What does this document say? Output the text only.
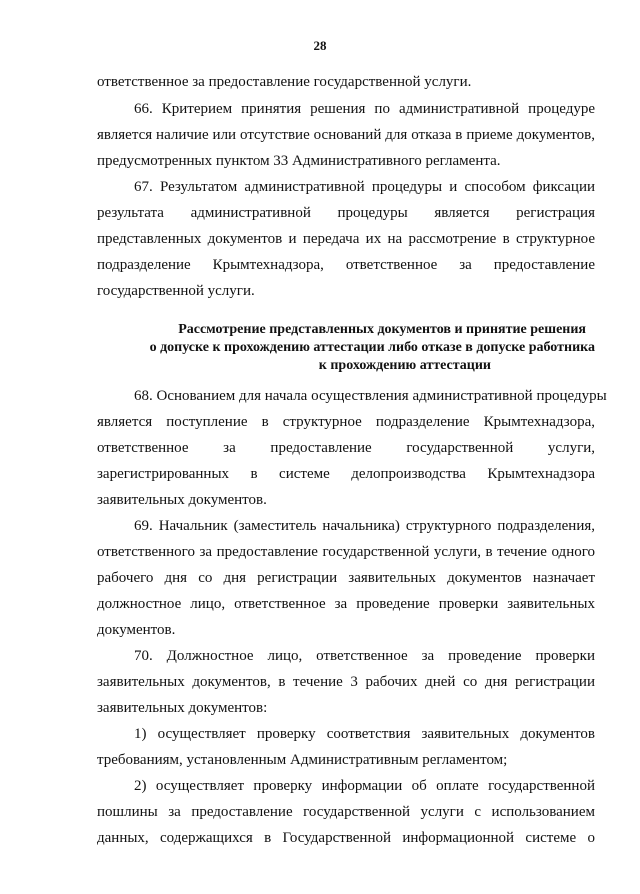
28
ответственное за предоставление государственной услуги.
66. Критерием принятия решения по административной процедуре
является наличие или отсутствие оснований для отказа в приеме документов,
предусмотренных пунктом 33 Административного регламента.
67. Результатом административной процедуры и способом фиксации
результата административной процедуры является регистрация
представленных документов и передача их на рассмотрение в структурное
подразделение Крымтехнадзора, ответственное за предоставление
государственной услуги.
Рассмотрение представленных документов и принятие решения
о допуске к прохождению аттестации либо отказе в допуске работника
к прохождению аттестации
68. Основанием для начала осуществления административной процедуры
является поступление в структурное подразделение Крымтехнадзора,
ответственное за предоставление государственной услуги,
зарегистрированных в системе делопроизводства Крымтехнадзора
заявительных документов.
69. Начальник (заместитель начальника) структурного подразделения,
ответственного за предоставление государственной услуги, в течение одного
рабочего дня со дня регистрации заявительных документов назначает
должностное лицо, ответственное за проведение проверки заявительных
документов.
70. Должностное лицо, ответственное за проведение проверки
заявительных документов, в течение 3 рабочих дней со дня регистрации
заявительных документов:
1) осуществляет проверку соответствия заявительных документов
требованиям, установленным Административным регламентом;
2) осуществляет проверку информации об оплате государственной
пошлины за предоставление государственной услуги с использованием
данных, содержащихся в Государственной информационной системе о
